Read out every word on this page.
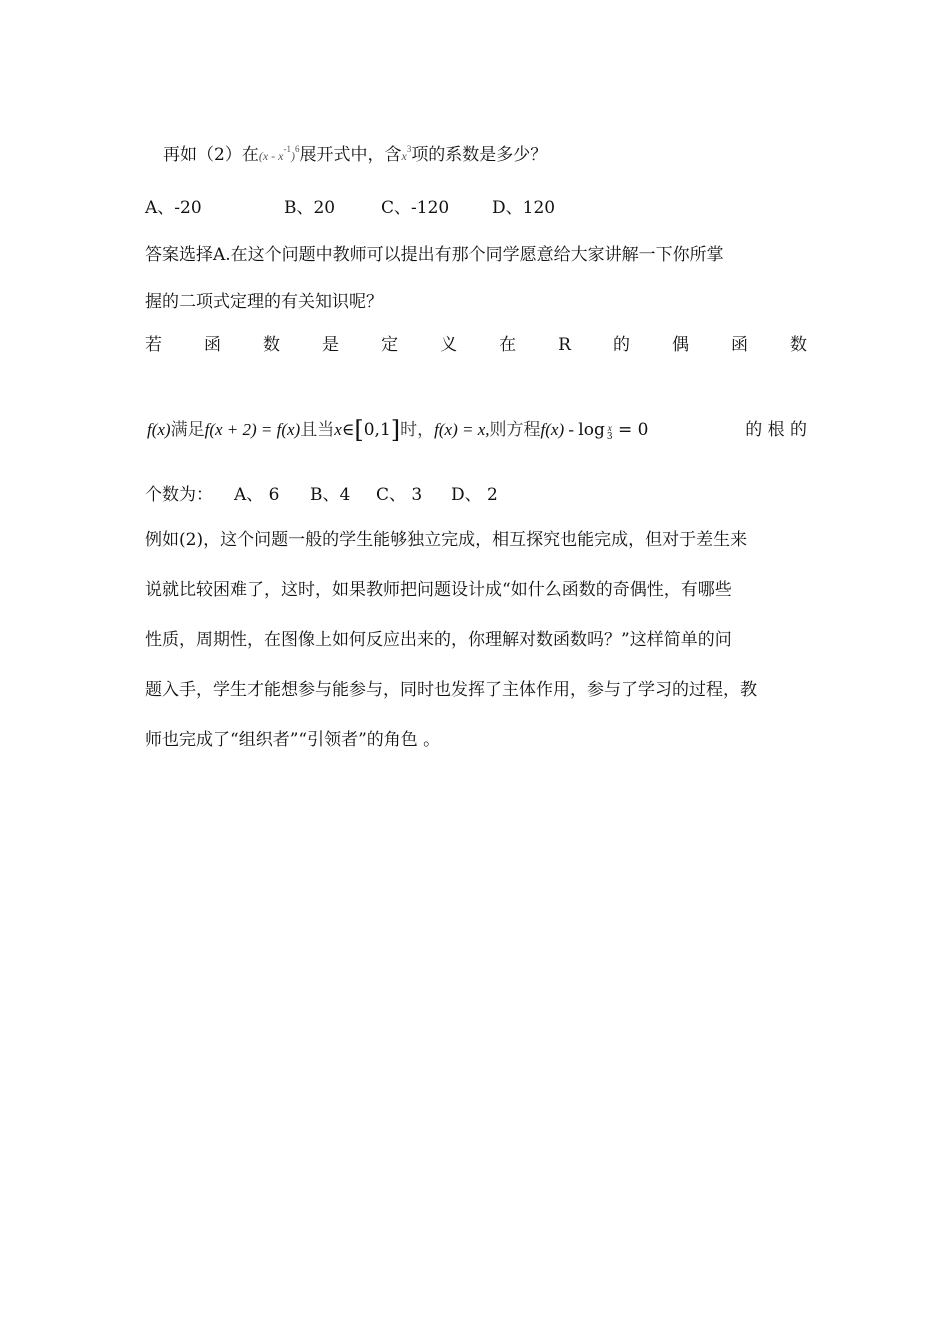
再如（2）在$(x - x^{-1})^6$展开式中，含$x^3$项的系数是多少？
A、-20	B、20	C、-120	D、120
答案选择A.在这个问题中教师可以提出有那个同学愿意给大家讲解一下你所掌
握的二项式定理的有关知识呢？
若 函 数 是 定 义 在 R 的 偶 函 数
f(x)满足f(x + 2) = f(x)且当x∈[0,1]时，f(x) = x,则方程f(x) - log x
3 = 0	的 根 的
个数为： A、 6 B、4 C、 3 D、 2
例如(2)，这个问题一般的学生能够独立完成，相互探究也能完成，但对于差生来
说就比较困难了，这时，如果教师把问题设计成“如什么函数的奇偶性，有哪些
性质，周期性，在图像上如何反应出来的，你理解对数函数吗？”这样简单的问
题入手，学生才能想参与能参与，同时也发挥了主体作用，参与了学习的过程，教
师也完成了“组织者”“引领者”的角色 。
